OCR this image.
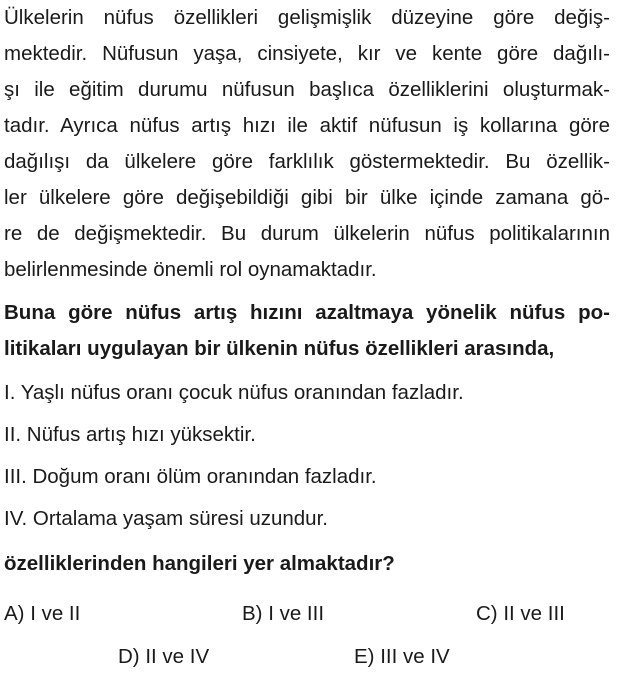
Ülkelerin nüfus özellikleri gelişmişlik düzeyine göre değiş-
mektedir. Nüfusun yaşa, cinsiyete, kır ve kente göre dağılı-
şı ile eğitim durumu nüfusun başlıca özelliklerini oluşturmak-
tadır. Ayrıca nüfus artış hızı ile aktif nüfusun iş kollarına göre
dağılışı da ülkelere göre farklılık göstermektedir. Bu özellik-
ler ülkelere göre değişebildiği gibi bir ülke içinde zamana gö-
re de değişmektedir. Bu durum ülkelerin nüfus politikalarının
belirlenmesinde önemli rol oynamaktadır.
Buna göre nüfus artış hızını azaltmaya yönelik nüfus po-
litikaları uygulayan bir ülkenin nüfus özellikleri arasında,
I. Yaşlı nüfus oranı çocuk nüfus oranından fazladır.
II. Nüfus artış hızı yüksektir.
III. Doğum oranı ölüm oranından fazladır.
IV. Ortalama yaşam süresi uzundur.
özelliklerinden hangileri yer almaktadır?
A) I ve II	B) I ve III	C) II ve III
D) II ve IV	E) III ve IV
